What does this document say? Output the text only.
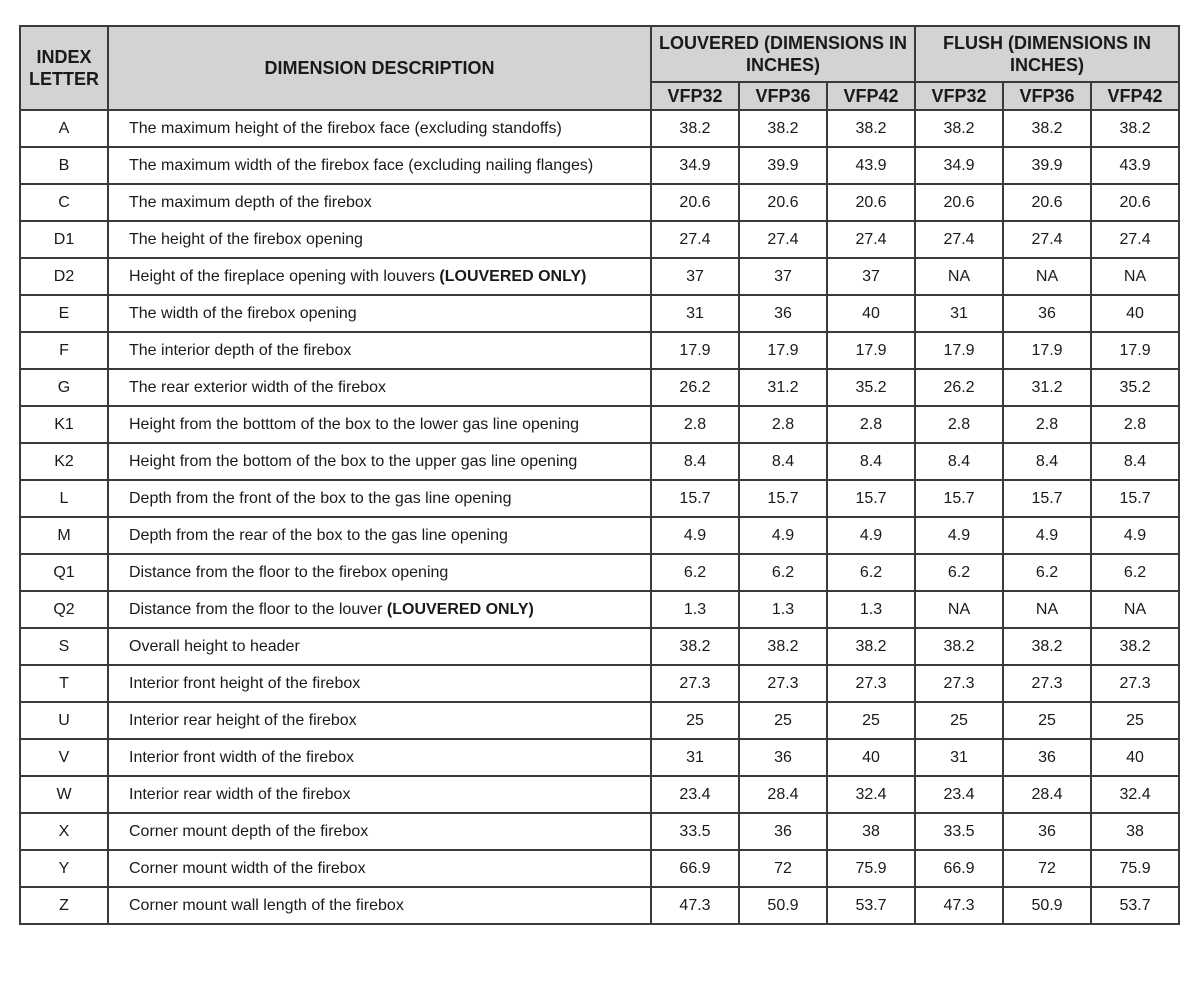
INDEX LETTER	DIMENSION DESCRIPTION	LOUVERED (DIMENSIONS IN INCHES)			FLUSH (DIMENSIONS IN INCHES)		
		VFP32	VFP36	VFP42	VFP32	VFP36	VFP42
A	The maximum height of the firebox face (excluding standoffs)	38.2	38.2	38.2	38.2	38.2	38.2
B	The maximum width of the firebox face (excluding nailing flanges)	34.9	39.9	43.9	34.9	39.9	43.9
C	The maximum depth of the firebox	20.6	20.6	20.6	20.6	20.6	20.6
D1	The height of the firebox opening	27.4	27.4	27.4	27.4	27.4	27.4
D2	Height of the fireplace opening with louvers (LOUVERED ONLY)	37	37	37	NA	NA	NA
E	The width of the firebox opening	31	36	40	31	36	40
F	The interior depth of the firebox	17.9	17.9	17.9	17.9	17.9	17.9
G	The rear exterior width of the firebox	26.2	31.2	35.2	26.2	31.2	35.2
K1	Height from the botttom of the box to the lower gas line opening	2.8	2.8	2.8	2.8	2.8	2.8
K2	Height from the bottom of the box to the upper gas line opening	8.4	8.4	8.4	8.4	8.4	8.4
L	Depth from the front of the box to the gas line opening	15.7	15.7	15.7	15.7	15.7	15.7
M	Depth from the rear of the box to the gas line opening	4.9	4.9	4.9	4.9	4.9	4.9
Q1	Distance from the floor to the firebox opening	6.2	6.2	6.2	6.2	6.2	6.2
Q2	Distance from the floor to the louver (LOUVERED ONLY)	1.3	1.3	1.3	NA	NA	NA
S	Overall height to header	38.2	38.2	38.2	38.2	38.2	38.2
T	Interior front height of the firebox	27.3	27.3	27.3	27.3	27.3	27.3
U	Interior rear height of the firebox	25	25	25	25	25	25
V	Interior front width of the firebox	31	36	40	31	36	40
W	Interior rear width of the firebox	23.4	28.4	32.4	23.4	28.4	32.4
X	Corner mount depth of the firebox	33.5	36	38	33.5	36	38
Y	Corner mount width of the firebox	66.9	72	75.9	66.9	72	75.9
Z	Corner mount wall length of the firebox	47.3	50.9	53.7	47.3	50.9	53.7
